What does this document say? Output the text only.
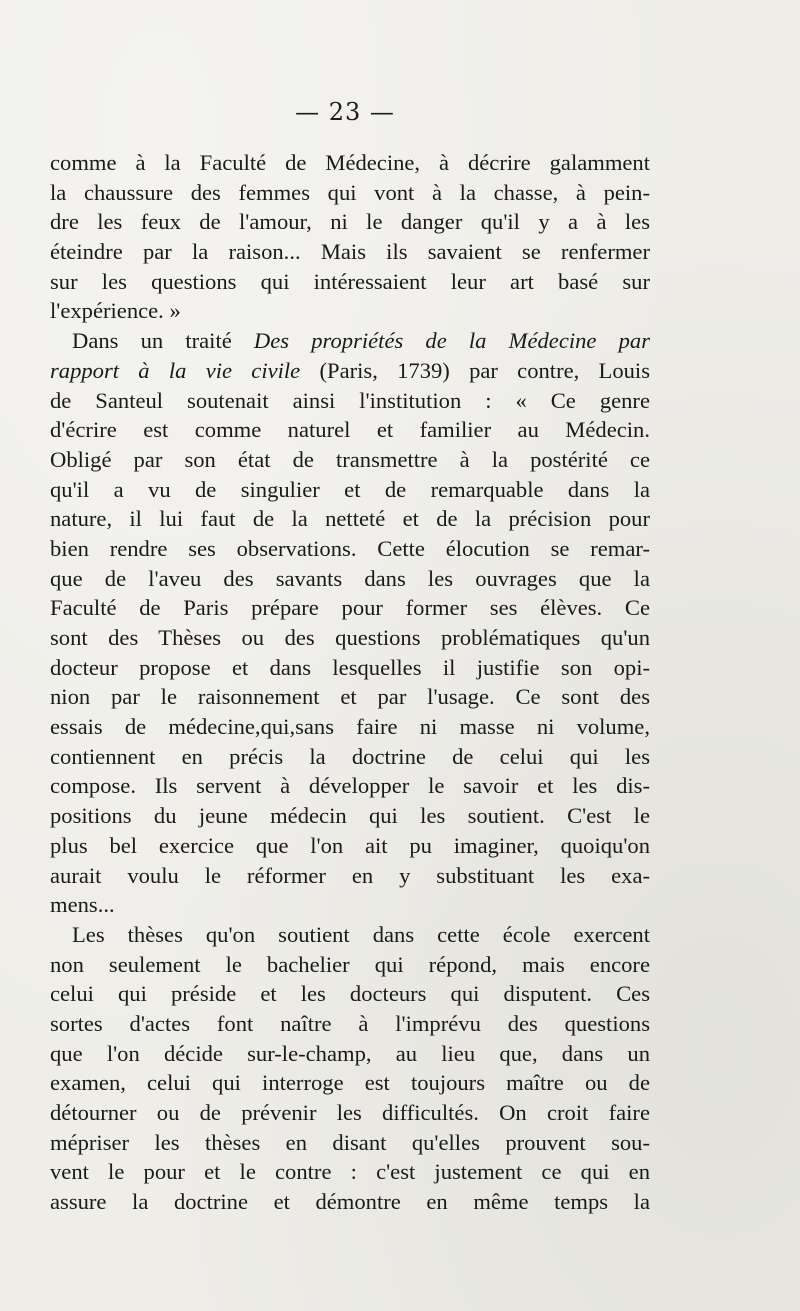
— 23 —
comme à la Faculté de Médecine, à décrire galamment
la chaussure des femmes qui vont à la chasse, à pein-
dre les feux de l'amour, ni le danger qu'il y a à les
éteindre par la raison... Mais ils savaient se renfermer
sur les questions qui intéressaient leur art basé sur
l'expérience. »
Dans un traité Des propriétés de la Médecine par
rapport à la vie civile (Paris, 1739) par contre, Louis
de Santeul soutenait ainsi l'institution : « Ce genre
d'écrire est comme naturel et familier au Médecin.
Obligé par son état de transmettre à la postérité ce
qu'il a vu de singulier et de remarquable dans la
nature, il lui faut de la netteté et de la précision pour
bien rendre ses observations. Cette élocution se remar-
que de l'aveu des savants dans les ouvrages que la
Faculté de Paris prépare pour former ses élèves. Ce
sont des Thèses ou des questions problématiques qu'un
docteur propose et dans lesquelles il justifie son opi-
nion par le raisonnement et par l'usage. Ce sont des
essais de médecine,qui,sans faire ni masse ni volume,
contiennent en précis la doctrine de celui qui les
compose. Ils servent à développer le savoir et les dis-
positions du jeune médecin qui les soutient. C'est le
plus bel exercice que l'on ait pu imaginer, quoiqu'on
aurait voulu le réformer en y substituant les exa-
mens...
Les thèses qu'on soutient dans cette école exercent
non seulement le bachelier qui répond, mais encore
celui qui préside et les docteurs qui disputent. Ces
sortes d'actes font naître à l'imprévu des questions
que l'on décide sur-le-champ, au lieu que, dans un
examen, celui qui interroge est toujours maître ou de
détourner ou de prévenir les difficultés. On croit faire
mépriser les thèses en disant qu'elles prouvent sou-
vent le pour et le contre : c'est justement ce qui en
assure la doctrine et démontre en même temps la
